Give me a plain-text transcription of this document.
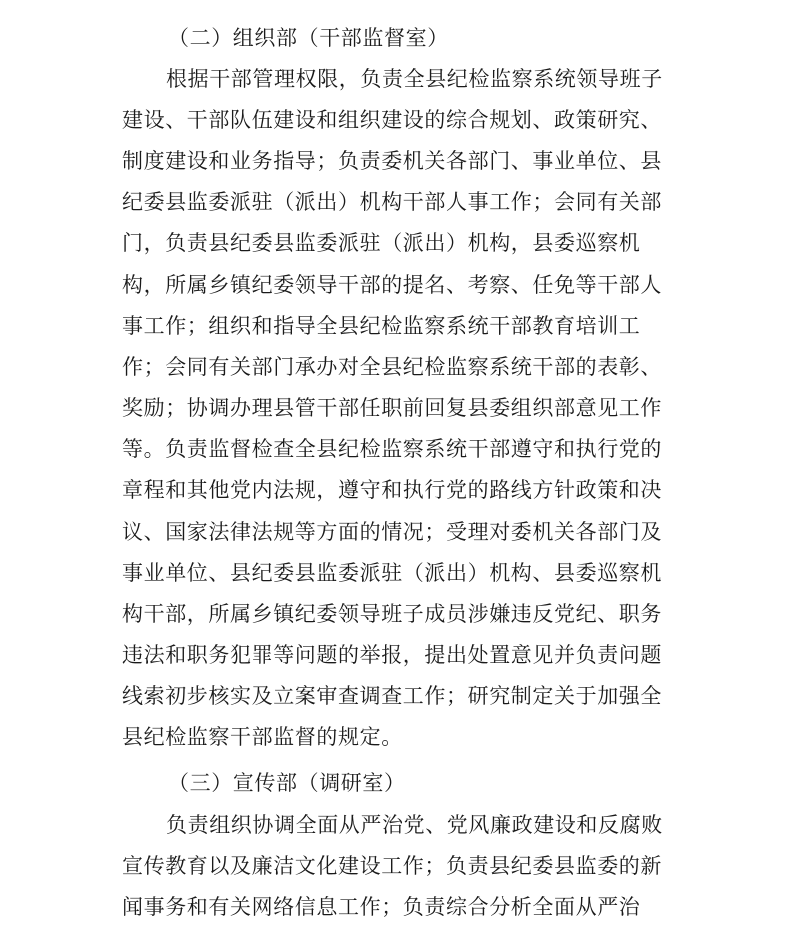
（二）组织部（干部监督室）
根据干部管理权限，负责全县纪检监察系统领导班子
建设、干部队伍建设和组织建设的综合规划、政策研究、
制度建设和业务指导；负责委机关各部门、事业单位、县
纪委县监委派驻（派出）机构干部人事工作；会同有关部
门，负责县纪委县监委派驻（派出）机构，县委巡察机
构，所属乡镇纪委领导干部的提名、考察、任免等干部人
事工作；组织和指导全县纪检监察系统干部教育培训工
作；会同有关部门承办对全县纪检监察系统干部的表彰、
奖励；协调办理县管干部任职前回复县委组织部意见工作
等。负责监督检查全县纪检监察系统干部遵守和执行党的
章程和其他党内法规，遵守和执行党的路线方针政策和决
议、国家法律法规等方面的情况；受理对委机关各部门及
事业单位、县纪委县监委派驻（派出）机构、县委巡察机
构干部，所属乡镇纪委领导班子成员涉嫌违反党纪、职务
违法和职务犯罪等问题的举报，提出处置意见并负责问题
线索初步核实及立案审查调查工作；研究制定关于加强全
县纪检监察干部监督的规定。
（三）宣传部（调研室）
负责组织协调全面从严治党、党风廉政建设和反腐败
宣传教育以及廉洁文化建设工作；负责县纪委县监委的新
闻事务和有关网络信息工作；负责综合分析全面从严治
